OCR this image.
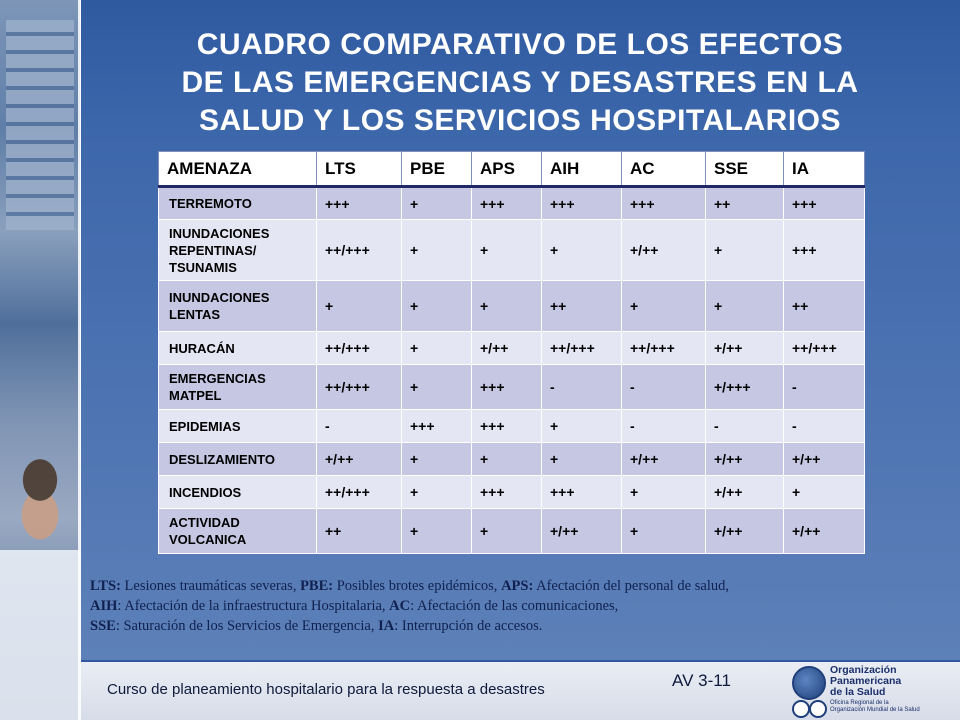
CUADRO COMPARATIVO DE LOS EFECTOS
DE LAS EMERGENCIAS Y DESASTRES EN LA
SALUD Y LOS SERVICIOS HOSPITALARIOS
AMENAZA	LTS	PBE	APS	AIH	AC	SSE	IA
TERREMOTO	+++	+	+++	+++	+++	++	+++
INUNDACIONES REPENTINAS/ TSUNAMIS	++/+++	+	+	+	+/++	+	+++
INUNDACIONES LENTAS	+	+	+	++	+	+	++
HURACÁN	++/+++	+	+/++	++/+++	++/+++	+/++	++/+++
EMERGENCIAS MATPEL	++/+++	+	+++	-	-	+/+++	-
EPIDEMIAS	-	+++	+++	+	-	-	-
DESLIZAMIENTO	+/++	+	+	+	+/++	+/++	+/++
INCENDIOS	++/+++	+	+++	+++	+	+/++	+
ACTIVIDAD VOLCANICA	++	+	+	+/++	+	+/++	+/++
LTS: Lesiones traumáticas severas, PBE: Posibles brotes epidémicos, APS: Afectación del personal de salud,
AIH: Afectación de la infraestructura Hospitalaria, AC: Afectación de las comunicaciones,
SSE: Saturación de los Servicios de Emergencia, IA: Interrupción de accesos.
Curso de planeamiento hospitalario para la respuesta a desastres	AV 3-11
Organización
Panamericana
de la Salud
Oficina Regional de la
Organización Mundial de la Salud
